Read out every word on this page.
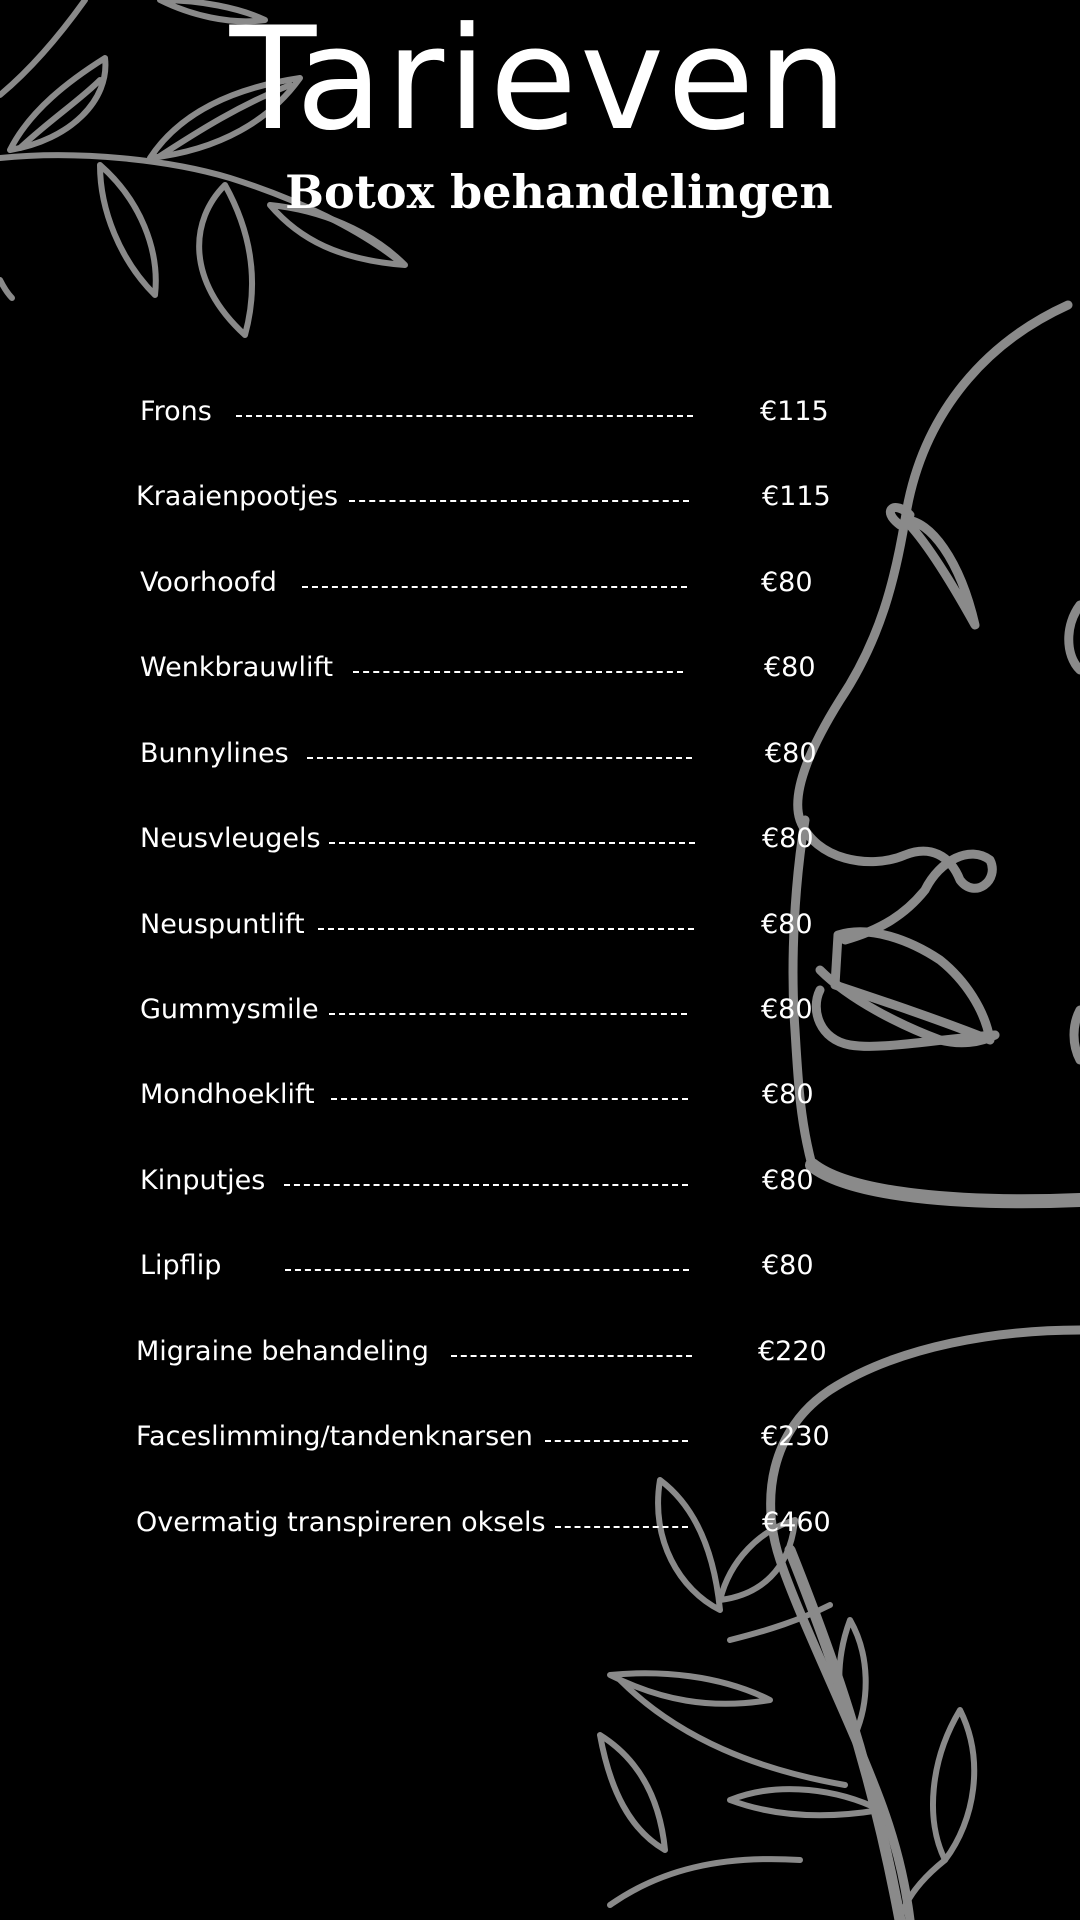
Tarieven
Botox behandelingen
Frons	€115
Kraaienpootjes	€115
Voorhoofd	€80
Wenkbrauwlift	€80
Bunnylines	€80
Neusvleugels	€80
Neuspuntlift	€80
Gummysmile	€80
Mondhoeklift	€80
Kinputjes	€80
Lipflip	€80
Migraine behandeling	€220
Faceslimming/tandenknarsen	€230
Overmatig transpireren oksels	€460
